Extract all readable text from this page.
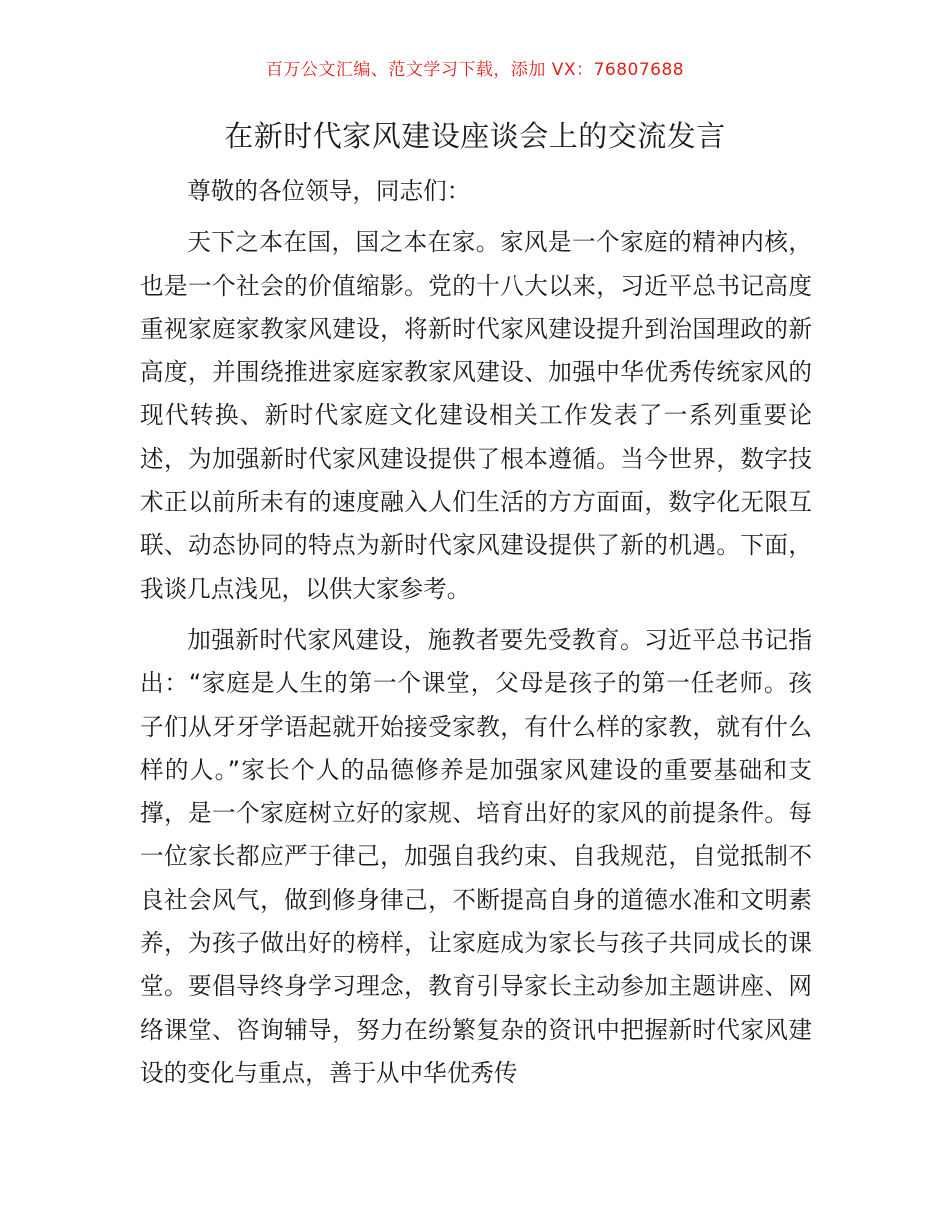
百万公文汇编、范文学习下载，添加 VX：76807688
在新时代家风建设座谈会上的交流发言

尊敬的各位领导，同志们：

天下之本在国，国之本在家。家风是一个家庭的精神内核，也是一个社会的价值缩影。党的十八大以来，习近平总书记高度重视家庭家教家风建设，将新时代家风建设提升到治国理政的新高度，并围绕推进家庭家教家风建设、加强中华优秀传统家风的现代转换、新时代家庭文化建设相关工作发表了一系列重要论述，为加强新时代家风建设提供了根本遵循。当今世界，数字技术正以前所未有的速度融入人们生活的方方面面，数字化无限互联、动态协同的特点为新时代家风建设提供了新的机遇。下面，我谈几点浅见，以供大家参考。

加强新时代家风建设，施教者要先受教育。习近平总书记指出：“家庭是人生的第一个课堂，父母是孩子的第一任老师。孩子们从牙牙学语起就开始接受家教，有什么样的家教，就有什么样的人。”家长个人的品德修养是加强家风建设的重要基础和支撑，是一个家庭树立好的家规、培育出好的家风的前提条件。每一位家长都应严于律己，加强自我约束、自我规范，自觉抵制不良社会风气，做到修身律己，不断提高自身的道德水准和文明素养，为孩子做出好的榜样，让家庭成为家长与孩子共同成长的课堂。要倡导终身学习理念，教育引导家长主动参加主题讲座、网络课堂、咨询辅导，努力在纷繁复杂的资讯中把握新时代家风建设的变化与重点，善于从中华优秀传
